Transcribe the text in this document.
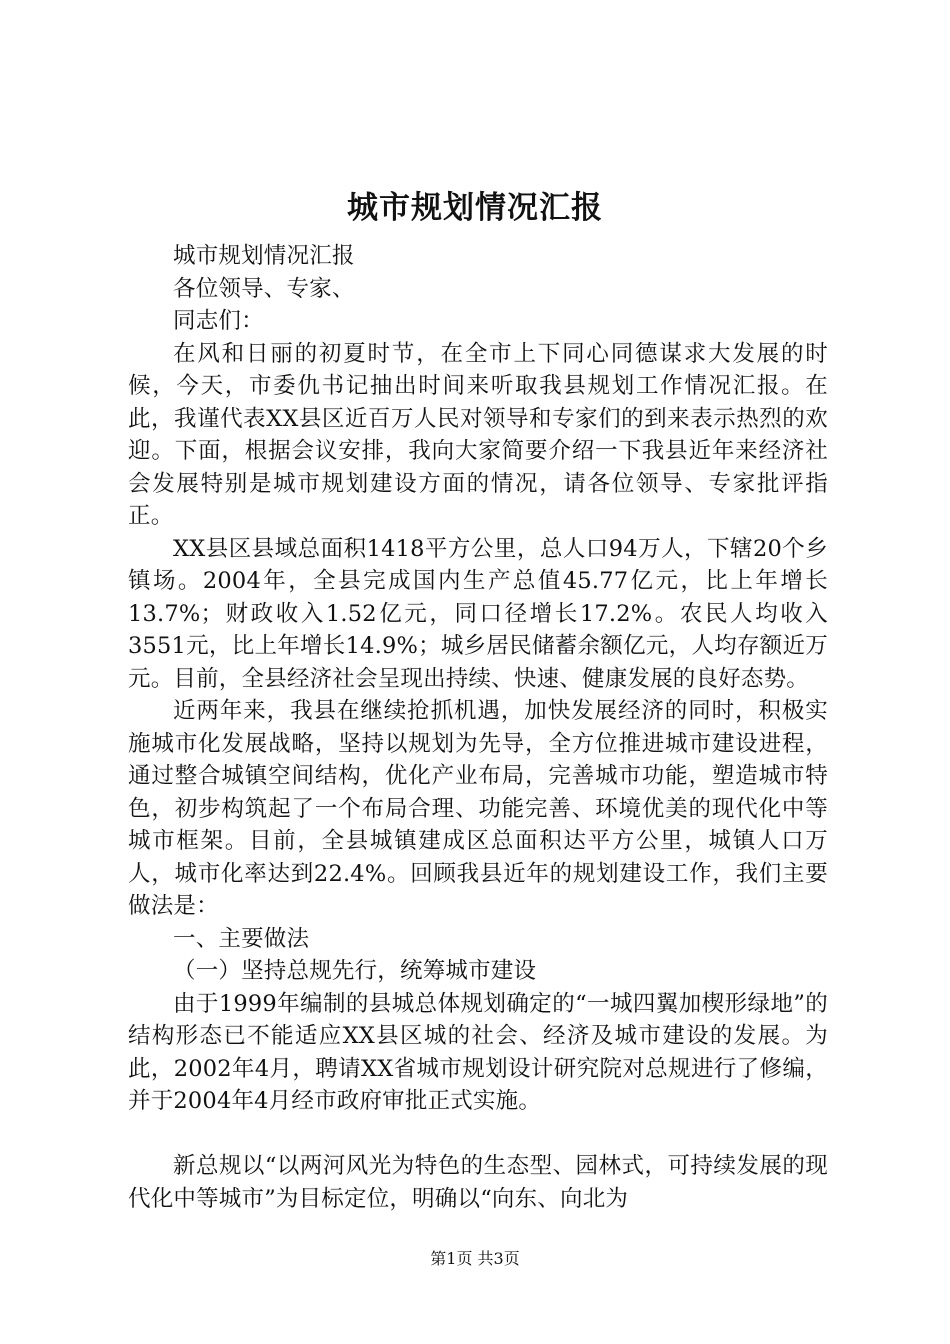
城市规划情况汇报

城市规划情况汇报

各位领导、专家、

同志们：

在风和日丽的初夏时节，在全市上下同心同德谋求大发展的时候，今天，市委仇书记抽出时间来听取我县规划工作情况汇报。在此，我谨代表XX县区近百万人民对领导和专家们的到来表示热烈的欢迎。下面，根据会议安排，我向大家简要介绍一下我县近年来经济社会发展特别是城市规划建设方面的情况，请各位领导、专家批评指正。

XX县区县域总面积1418平方公里，总人口94万人，下辖20个乡镇场。2004年，全县完成国内生产总值45.77亿元，比上年增长13.7%；财政收入1.52亿元，同口径增长17.2%。农民人均收入3551元，比上年增长14.9%；城乡居民储蓄余额亿元，人均存额近万元。目前，全县经济社会呈现出持续、快速、健康发展的良好态势。

近两年来，我县在继续抢抓机遇，加快发展经济的同时，积极实施城市化发展战略，坚持以规划为先导，全方位推进城市建设进程，通过整合城镇空间结构，优化产业布局，完善城市功能，塑造城市特色，初步构筑起了一个布局合理、功能完善、环境优美的现代化中等城市框架。目前，全县城镇建成区总面积达平方公里，城镇人口万人，城市化率达到22.4%。回顾我县近年的规划建设工作，我们主要做法是：

一、主要做法

（一）坚持总规先行，统筹城市建设

由于1999年编制的县城总体规划确定的“一城四翼加楔形绿地”的结构形态已不能适应XX县区城的社会、经济及城市建设的发展。为此，2002年4月，聘请XX省城市规划设计研究院对总规进行了修编，并于2004年4月经市政府审批正式实施。

新总规以“以两河风光为特色的生态型、园林式，可持续发展的现代化中等城市”为目标定位，明确以“向东、向北为

第1页 共3页
